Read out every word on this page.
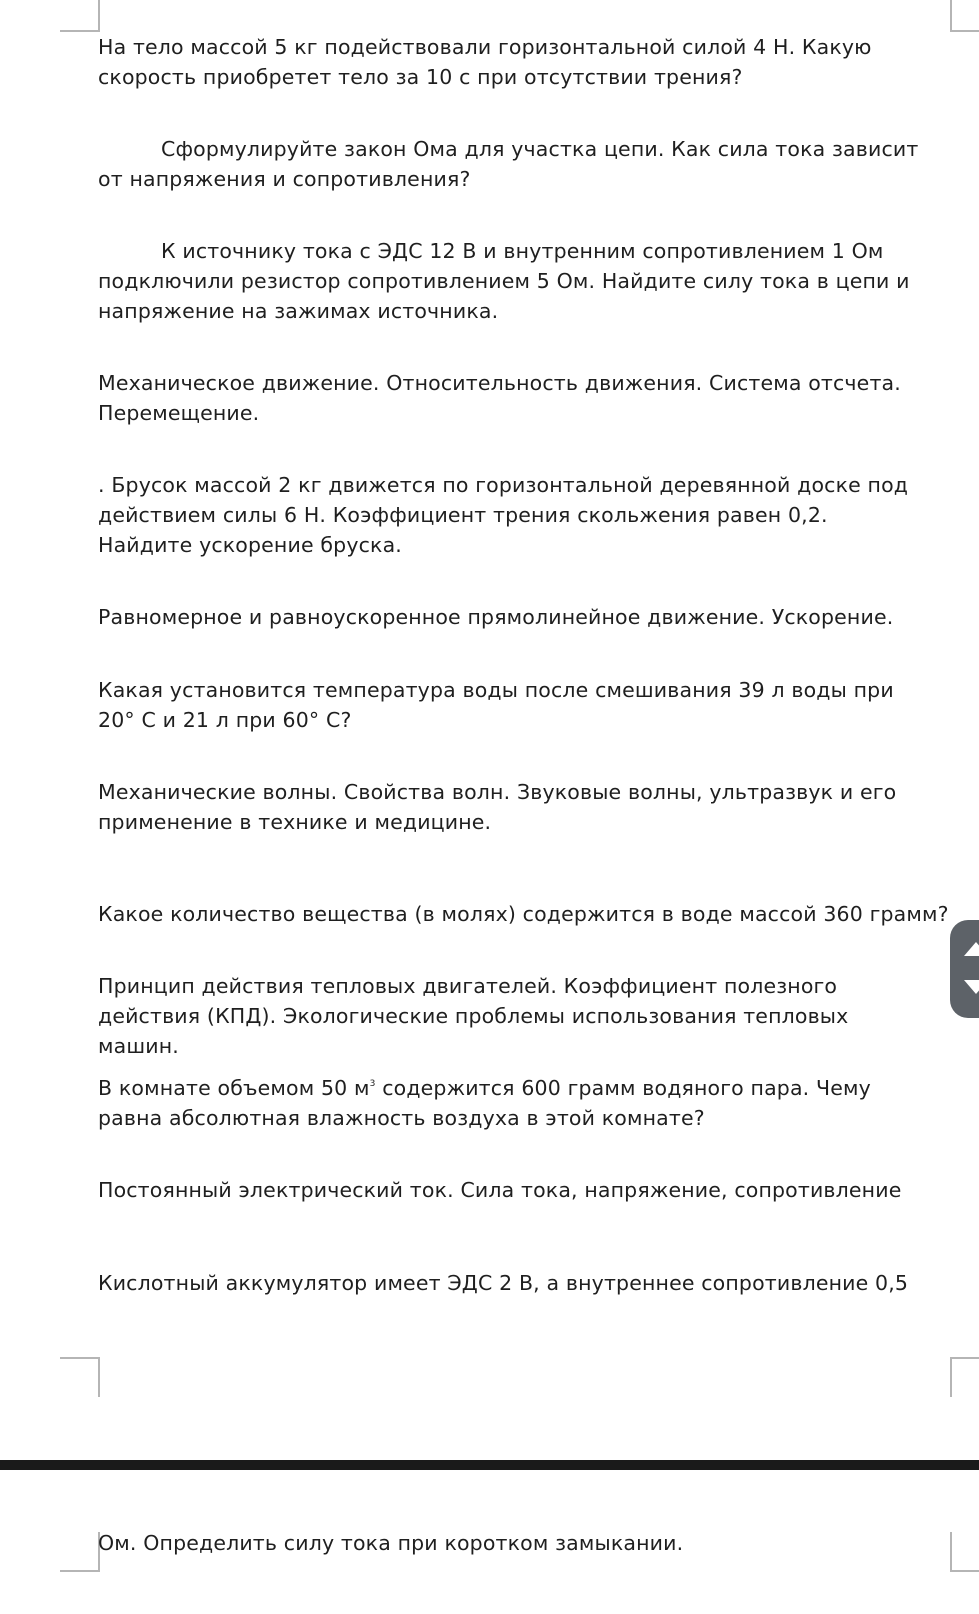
На тело массой 5 кг подействовали горизонтальной силой 4 Н. Какую скорость приобретет тело за 10 с при отсутствии трения?

Сформулируйте закон Ома для участка цепи. Как сила тока зависит от напряжения и сопротивления?

К источнику тока с ЭДС 12 В и внутренним сопротивлением 1 Ом подключили резистор сопротивлением 5 Ом. Найдите силу тока в цепи и напряжение на зажимах источника.

Механическое движение. Относительность движения. Система отсчета. Перемещение.

. Брусок массой 2 кг движется по горизонтальной деревянной доске под действием силы 6 Н. Коэффициент трения скольжения равен 0,2. Найдите ускорение бруска.

Равномерное и равноускоренное прямолинейное движение. Ускорение.

Какая установится температура воды после смешивания 39 л воды при 20° С и 21 л при 60° С?

Механические волны. Свойства волн. Звуковые волны, ультразвук и его применение в технике и медицине.

Какое количество вещества (в молях) содержится в воде массой 360 грамм?

Принцип действия тепловых двигателей. Коэффициент полезного действия (КПД). Экологические проблемы использования тепловых машин.

В комнате объемом 50 $м^3$ содержится 600 грамм водяного пара. Чему равна абсолютная влажность воздуха в этой комнате?

Постоянный электрический ток. Сила тока, напряжение, сопротивление

Кислотный аккумулятор имеет ЭДС 2 В, а внутреннее сопротивление 0,5

Ом. Определить силу тока при коротком замыкании.
